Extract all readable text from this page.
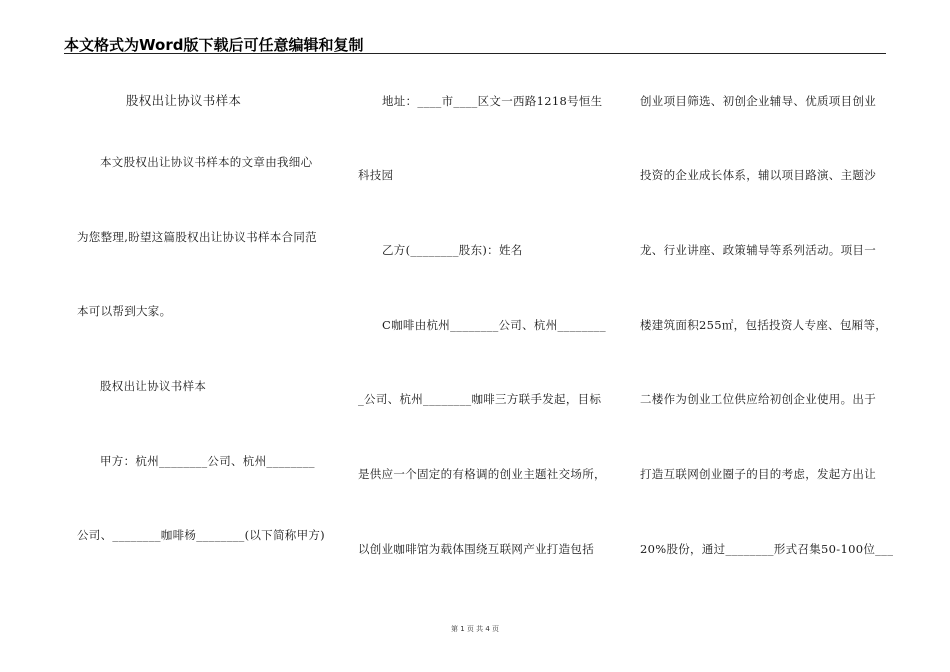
本文格式为Word版下载后可任意编辑和复制
股权出让协议书样本
本文股权出让协议书样本的文章由我细心
为您整理,盼望这篇股权出让协议书样本合同范
本可以帮到大家。
股权出让协议书样本
甲方：杭州________公司、杭州________
公司、________咖啡杨________(以下简称甲方)
地址：____市____区文一西路1218号恒生
科技园
乙方(________股东)：姓名
C咖啡由杭州________公司、杭州________
_公司、杭州________咖啡三方联手发起，目标
是供应一个固定的有格调的创业主题社交场所，
以创业咖啡馆为载体围绕互联网产业打造包括
创业项目筛选、初创企业辅导、优质项目创业
投资的企业成长体系，辅以项目路演、主题沙
龙、行业讲座、政策辅导等系列活动。项目一
楼建筑面积255㎡，包括投资人专座、包厢等，
二楼作为创业工位供应给初创企业使用。出于
打造互联网创业圈子的目的考虑，发起方出让
20%股份，通过________形式召集50-100位___
第 1 页 共 4 页
